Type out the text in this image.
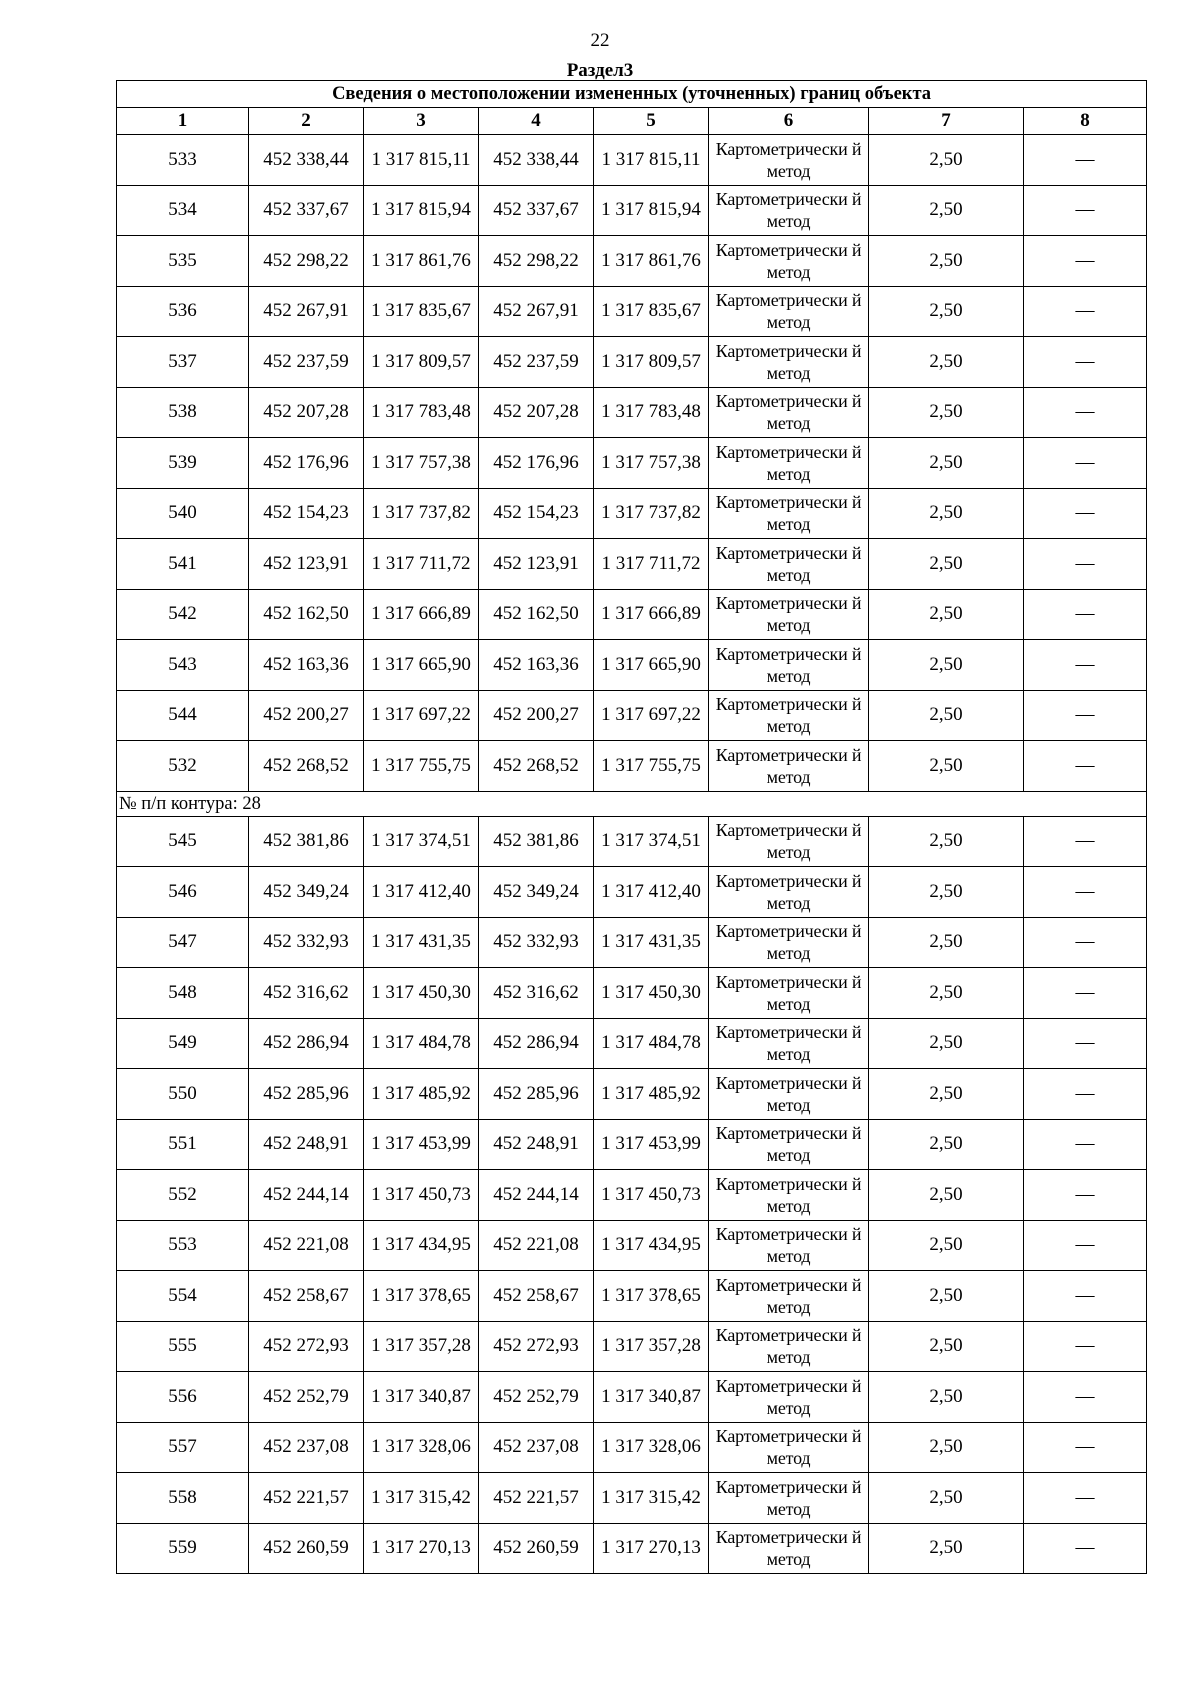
22
Раздел3
Сведения о местоположении измененных (уточненных) границ объекта							
1	2	3	4	5	6	7	8
533	452 338,44	1 317 815,11	452 338,44	1 317 815,11	Картометрически й метод	2,50	—
534	452 337,67	1 317 815,94	452 337,67	1 317 815,94	Картометрически й метод	2,50	—
535	452 298,22	1 317 861,76	452 298,22	1 317 861,76	Картометрически й метод	2,50	—
536	452 267,91	1 317 835,67	452 267,91	1 317 835,67	Картометрически й метод	2,50	—
537	452 237,59	1 317 809,57	452 237,59	1 317 809,57	Картометрически й метод	2,50	—
538	452 207,28	1 317 783,48	452 207,28	1 317 783,48	Картометрически й метод	2,50	—
539	452 176,96	1 317 757,38	452 176,96	1 317 757,38	Картометрически й метод	2,50	—
540	452 154,23	1 317 737,82	452 154,23	1 317 737,82	Картометрически й метод	2,50	—
541	452 123,91	1 317 711,72	452 123,91	1 317 711,72	Картометрически й метод	2,50	—
542	452 162,50	1 317 666,89	452 162,50	1 317 666,89	Картометрически й метод	2,50	—
543	452 163,36	1 317 665,90	452 163,36	1 317 665,90	Картометрически й метод	2,50	—
544	452 200,27	1 317 697,22	452 200,27	1 317 697,22	Картометрически й метод	2,50	—
532	452 268,52	1 317 755,75	452 268,52	1 317 755,75	Картометрически й метод	2,50	—
№ п/п контура: 28							
545	452 381,86	1 317 374,51	452 381,86	1 317 374,51	Картометрически й метод	2,50	—
546	452 349,24	1 317 412,40	452 349,24	1 317 412,40	Картометрически й метод	2,50	—
547	452 332,93	1 317 431,35	452 332,93	1 317 431,35	Картометрически й метод	2,50	—
548	452 316,62	1 317 450,30	452 316,62	1 317 450,30	Картометрически й метод	2,50	—
549	452 286,94	1 317 484,78	452 286,94	1 317 484,78	Картометрически й метод	2,50	—
550	452 285,96	1 317 485,92	452 285,96	1 317 485,92	Картометрически й метод	2,50	—
551	452 248,91	1 317 453,99	452 248,91	1 317 453,99	Картометрически й метод	2,50	—
552	452 244,14	1 317 450,73	452 244,14	1 317 450,73	Картометрически й метод	2,50	—
553	452 221,08	1 317 434,95	452 221,08	1 317 434,95	Картометрически й метод	2,50	—
554	452 258,67	1 317 378,65	452 258,67	1 317 378,65	Картометрически й метод	2,50	—
555	452 272,93	1 317 357,28	452 272,93	1 317 357,28	Картометрически й метод	2,50	—
556	452 252,79	1 317 340,87	452 252,79	1 317 340,87	Картометрически й метод	2,50	—
557	452 237,08	1 317 328,06	452 237,08	1 317 328,06	Картометрически й метод	2,50	—
558	452 221,57	1 317 315,42	452 221,57	1 317 315,42	Картометрически й метод	2,50	—
559	452 260,59	1 317 270,13	452 260,59	1 317 270,13	Картометрически й метод	2,50	—
